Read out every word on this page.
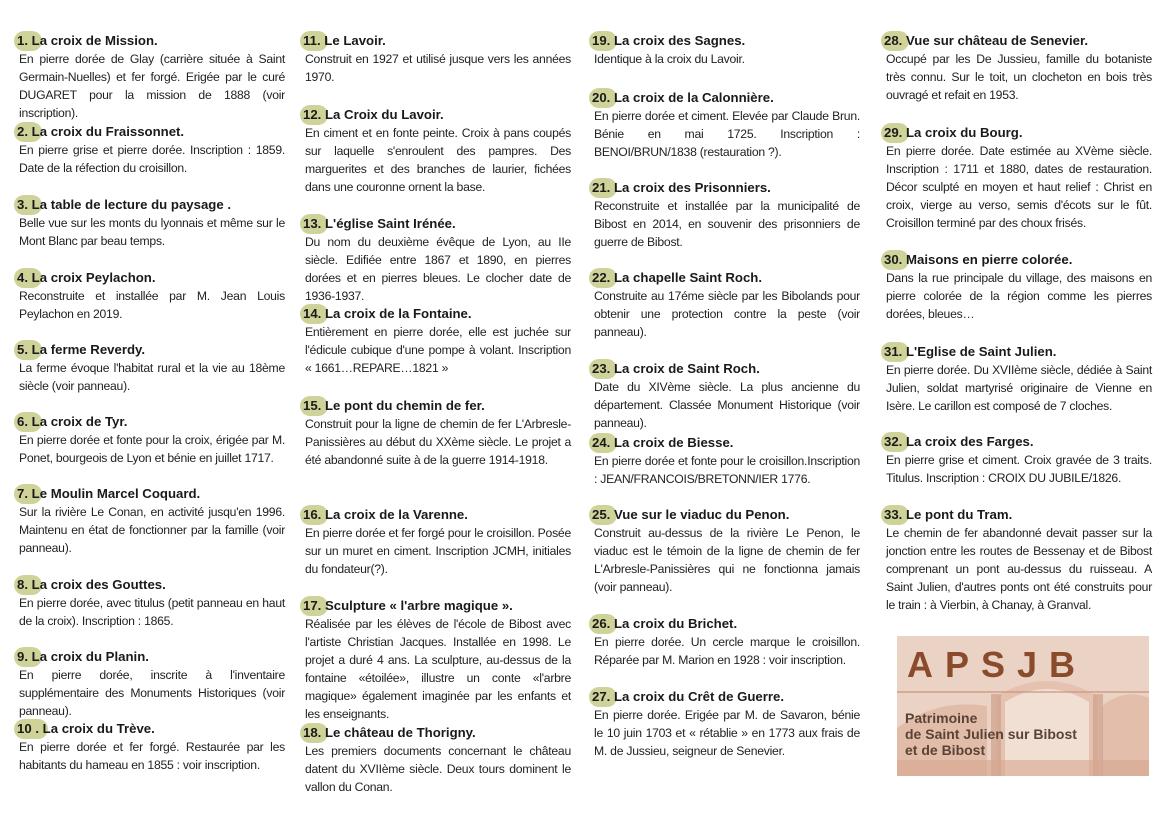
1. La croix de Mission.
En pierre dorée de Glay (carrière située à Saint Germain-Nuelles) et fer forgé. Erigée par le curé DUGARET pour la mission de 1888 (voir inscription).
2. La croix du Fraissonnet.
En pierre grise et pierre dorée. Inscription : 1859. Date de la réfection du croisillon.
3. La table de lecture du paysage .
Belle vue sur les monts du lyonnais et même sur le Mont Blanc par beau temps.
4. La croix Peylachon.
Reconstruite et installée par M. Jean Louis Peylachon en 2019.
5. La ferme Reverdy.
La ferme évoque l'habitat rural et la vie au 18ème siècle (voir panneau).
6. La croix de Tyr.
En pierre dorée et fonte pour la croix, érigée par M. Ponet, bourgeois de Lyon et bénie en juillet 1717.
7. Le Moulin Marcel Coquard.
Sur la rivière Le Conan, en activité jusqu'en 1996. Maintenu en état de fonctionner par la famille (voir panneau).
8. La croix des Gouttes.
En pierre dorée, avec titulus (petit panneau en haut de la croix). Inscription : 1865.
9. La croix du Planin.
En pierre dorée, inscrite à l'inventaire supplémentaire des Monuments Historiques (voir panneau).
10 . La croix du Trève.
En pierre dorée et fer forgé. Restaurée par les habitants du hameau en 1855 : voir inscription.
11. Le Lavoir.
Construit en 1927 et utilisé jusque vers les années 1970.
12. La Croix du Lavoir.
En ciment et en fonte peinte. Croix à pans coupés sur laquelle s'enroulent des pampres. Des marguerites et des branches de laurier, fichées dans une couronne ornent la base.
13. L'église Saint Irénée.
Du nom du deuxième évêque de Lyon, au IIe siècle. Edifiée entre 1867 et 1890, en pierres dorées et en pierres bleues. Le clocher date de 1936-1937.
14. La croix de la Fontaine.
Entièrement en pierre dorée, elle est juchée sur l'édicule cubique d'une pompe à volant. Inscription « 1661…REPARE…1821 »
15. Le pont du chemin de fer.
Construit pour la ligne de chemin de fer L'Arbresle-Panissières au début du XXème siècle. Le projet a été abandonné suite à de la guerre 1914-1918.
16. La croix de la Varenne.
En pierre dorée et fer forgé pour le croisillon. Posée sur un muret en ciment. Inscription JCMH, initiales du fondateur(?).
17. Sculpture « l'arbre magique ».
Réalisée par les élèves de l'école de Bibost avec l'artiste Christian Jacques. Installée en 1998. Le projet a duré 4 ans. La sculpture, au-dessus de la fontaine «étoilée», illustre un conte «l'arbre magique» également imaginée par les enfants et les enseignants.
18. Le château de Thorigny.
Les premiers documents concernant le château datent du XVIIème siècle. Deux tours dominent le vallon du Conan.
19. La croix des Sagnes.
Identique à la croix du Lavoir.
20. La croix de la Calonnière.
En pierre dorée et ciment. Elevée par Claude Brun. Bénie en mai 1725. Inscription : BENOI/BRUN/1838 (restauration ?).
21. La croix des Prisonniers.
Reconstruite et installée par la municipalité de Bibost en 2014, en souvenir des prisonniers de guerre de Bibost.
22. La chapelle Saint Roch.
Construite au 17éme siècle par les Bibolands pour obtenir une protection contre la peste (voir panneau).
23. La croix de Saint Roch.
Date du XIVème siècle. La plus ancienne du département. Classée Monument Historique (voir panneau).
24. La croix de Biesse.
En pierre dorée et fonte pour le croisillon.Inscription : JEAN/FRANCOIS/BRETONN/IER 1776.
25. Vue sur le viaduc du Penon.
Construit au-dessus de la rivière Le Penon, le viaduc est le témoin de la ligne de chemin de fer L'Arbresle-Panissières qui ne fonctionna jamais (voir panneau).
26. La croix du Brichet.
En pierre dorée. Un cercle marque le croisillon. Réparée par M. Marion en 1928 : voir inscription.
27. La croix du Crêt de Guerre.
En pierre dorée. Erigée par M. de Savaron, bénie le 10 juin 1703 et « rétablie » en 1773 aux frais de M. de Jussieu, seigneur de Senevier.
28. Vue sur château de Senevier.
Occupé par les De Jussieu, famille du botaniste très connu. Sur le toit, un clocheton en bois très ouvragé et refait en 1953.
29. La croix du Bourg.
En pierre dorée. Date estimée au XVème siècle. Inscription : 1711 et 1880, dates de restauration. Décor sculpté en moyen et haut relief : Christ en croix, vierge au verso, semis d'écots sur le fût. Croisillon terminé par des choux frisés.
30. Maisons en pierre colorée.
Dans la rue principale du village, des maisons en pierre colorée de la région comme les pierres dorées, bleues…
31. L'Eglise de Saint Julien.
En pierre dorée. Du XVIIème siècle, dédiée à Saint Julien, soldat martyrisé originaire de Vienne en Isère. Le carillon est composé de 7 cloches.
32. La croix des Farges.
En pierre grise et ciment. Croix gravée de 3 traits. Titulus. Inscription : CROIX DU JUBILE/1826.
33. Le pont du Tram.
Le chemin de fer abandonné devait passer sur la jonction entre les routes de Bessenay et de Bibost comprenant un pont au-dessus du ruisseau. A Saint Julien, d'autres ponts ont été construits pour le train : à Vierbin, à Chanay, à Granval.
APSJB
Patrimoine
de Saint Julien sur Bibost
et de Bibost
